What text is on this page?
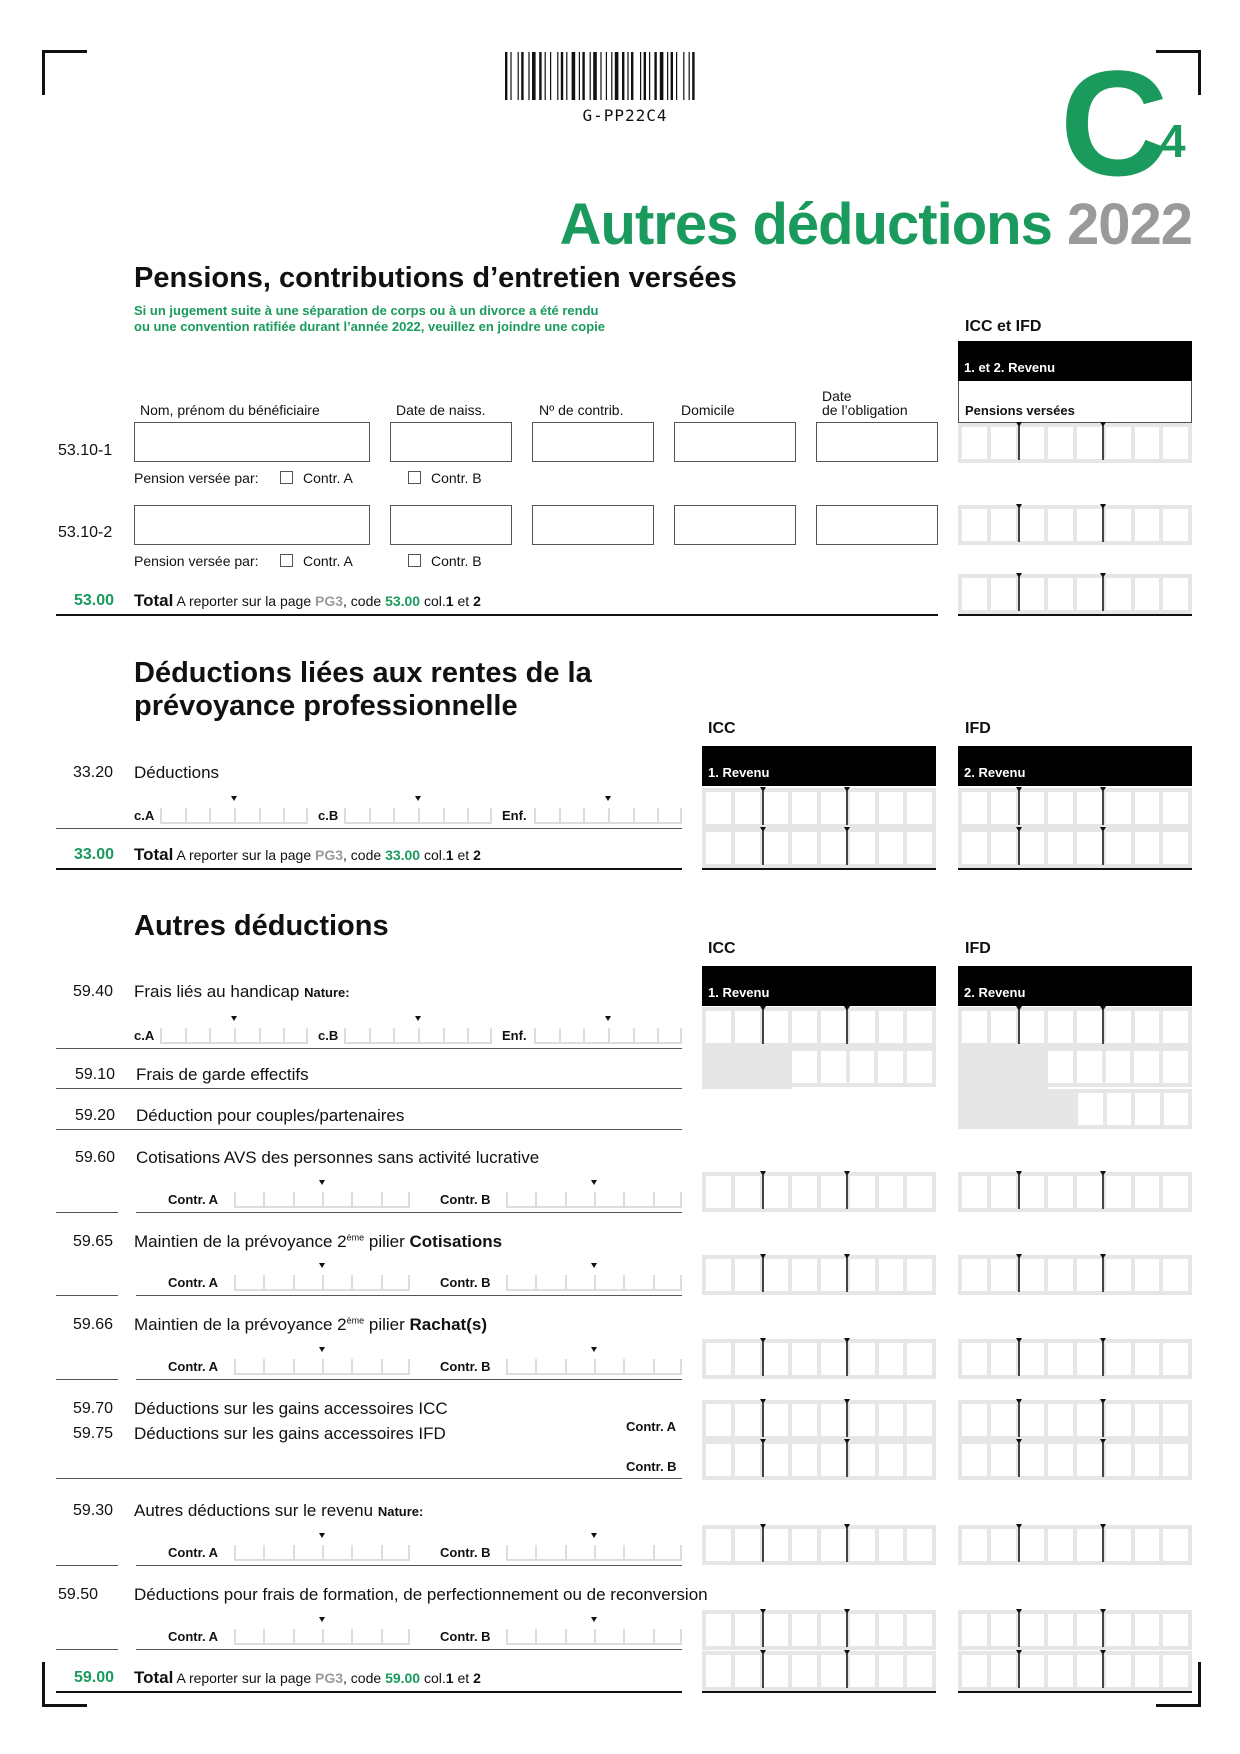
G-PP22C4	C
4
Autres déductions 2022
Pensions, contributions d’entretien versées
Si un jugement suite à une séparation de corps ou à un divorce a été rendu
ou une convention ratifiée durant l’année 2022, veuillez en joindre une copie	ICC et IFD
1. et 2. Revenu
Pensions versées
Nom, prénom du bénéficiaire	Date de naiss.	Nº de contrib.	Domicile
Date
de l’obligation
53.10-1
Pension versée par:	Contr. A	Contr. B
53.10-2
Pension versée par:	Contr. A	Contr. B
53.00 Total A reporter sur la page PG3, code 53.00 col.1 et 2
Déductions liées aux rentes de la
prévoyance professionnelle
ICC	IFD
1. Revenu	2. Revenu
33.20 Déductions
c.A	c.B	Enf.
33.00 Total A reporter sur la page PG3, code 33.00 col.1 et 2
Autres déductions
ICC	IFD
1. Revenu	2. Revenu
59.40 Frais liés au handicap Nature:
c.A	c.B	Enf.
59.10 Frais de garde effectifs
59.20 Déduction pour couples/partenaires
59.60 Cotisations AVS des personnes sans activité lucrative
Contr. A	Contr. B
59.65 Maintien de la prévoyance 2ème pilier Cotisations
Contr. A	Contr. B
59.66 Maintien de la prévoyance 2ème pilier Rachat(s)
Contr. A	Contr. B
59.70 Déductions sur les gains accessoires ICC
59.75 Déductions sur les gains accessoires IFD	Contr. A
Contr. B
59.30 Autres déductions sur le revenu Nature:
Contr. A	Contr. B
59.50 Déductions pour frais de formation, de perfectionnement ou de reconversion
Contr. A	Contr. B
59.00 Total A reporter sur la page PG3, code 59.00 col.1 et 2
